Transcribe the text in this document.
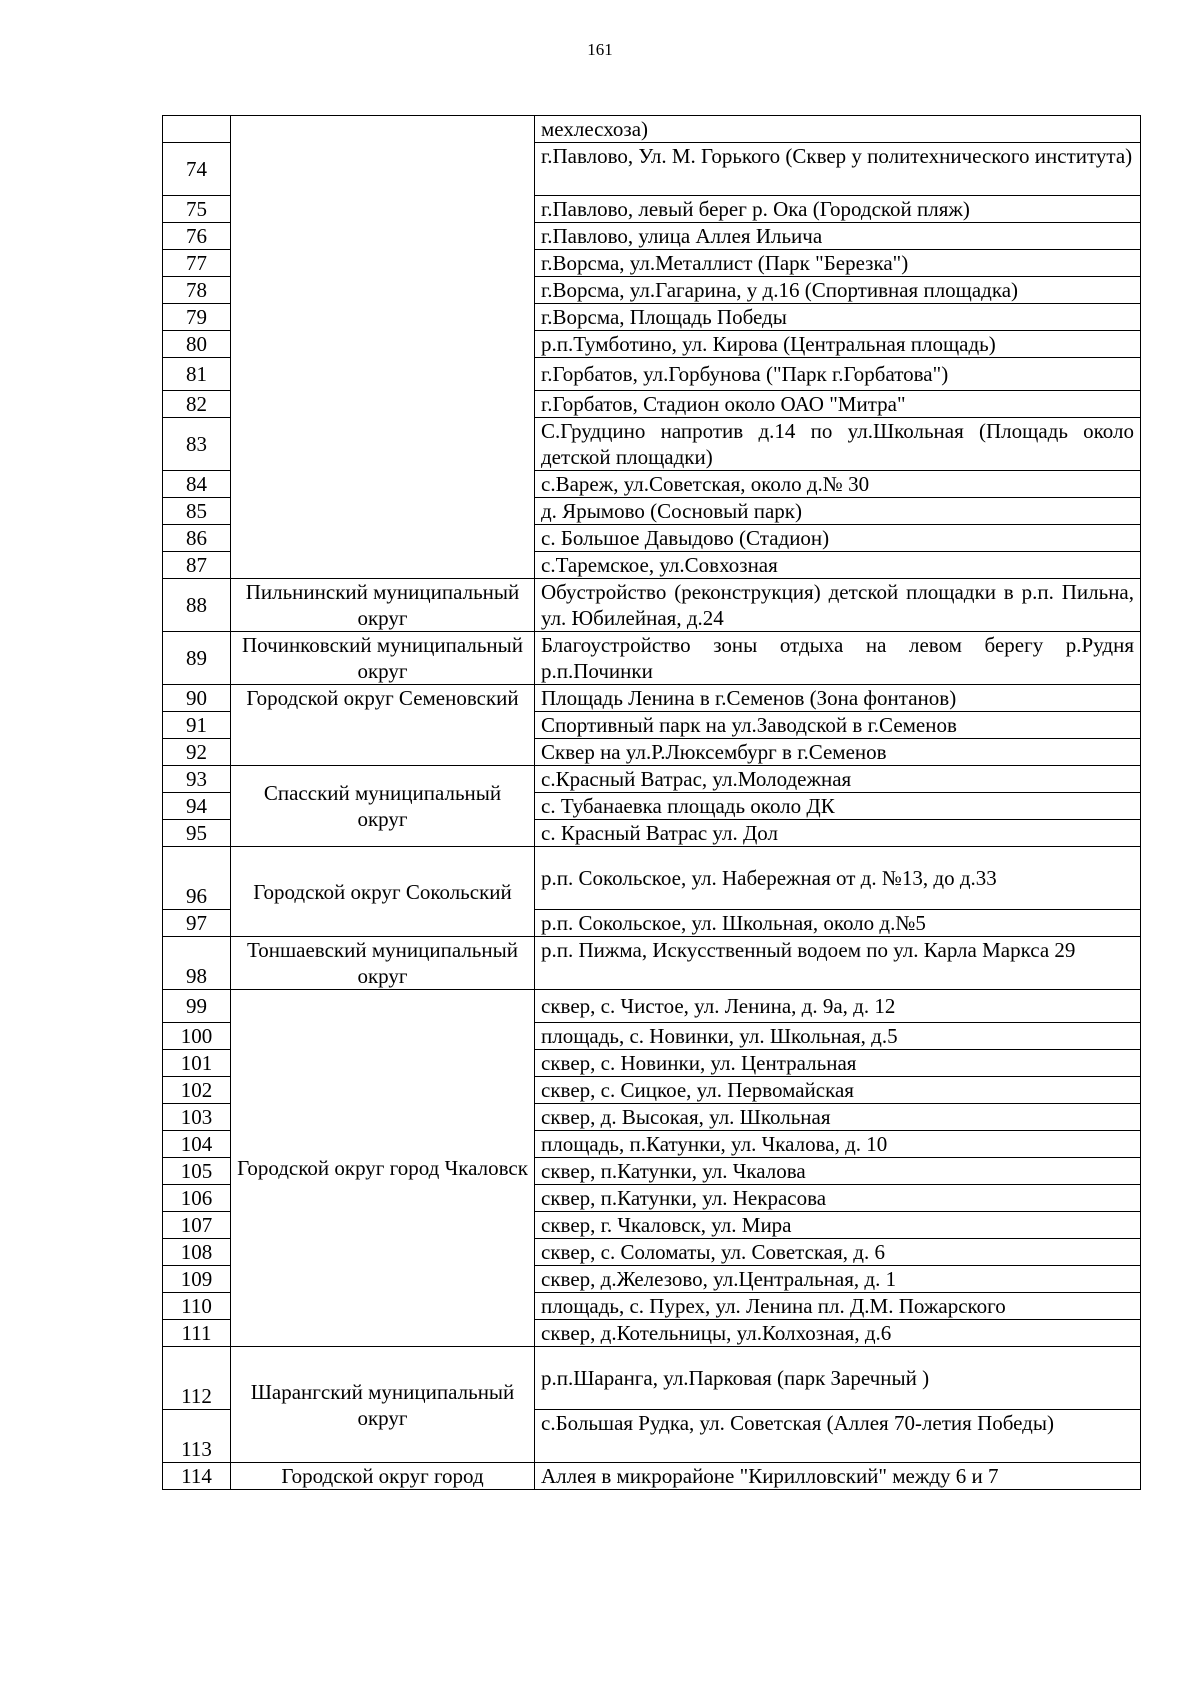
161
		мехлесхоза)
74		г.Павлово, Ул. М. Горького (Сквер у политехнического института)
75		г.Павлово, левый берег р. Ока (Городской пляж)
76		г.Павлово, улица Аллея Ильича
77		г.Ворсма, ул.Металлист (Парк "Березка")
78		г.Ворсма, ул.Гагарина, у д.16 (Спортивная площадка)
79		г.Ворсма, Площадь Победы
80		р.п.Тумботино, ул. Кирова (Центральная площадь)
81		г.Горбатов, ул.Горбунова ("Парк г.Горбатова")
82		г.Горбатов, Стадион около ОАО "Митра"
83		С.Грудцино напротив д.14 по ул.Школьная (Площадь около детской площадки)
84		с.Вареж, ул.Советская, около д.№ 30
85		д. Ярымово (Сосновый парк)
86		с. Большое Давыдово (Стадион)
87		с.Таремское, ул.Совхозная
88	Пильнинский муниципальный округ	Обустройство (реконструкция) детской площадки в р.п. Пильна, ул. Юбилейная, д.24
89	Починковский муниципальный округ	Благоустройство зоны отдыха на левом берегу р.Рудня р.п.Починки
90	Городской округ Семеновский	Площадь Ленина в г.Семенов (Зона фонтанов)
91		Спортивный парк на ул.Заводской в г.Семенов
92		Сквер на ул.Р.Люксембург в г.Семенов
93	Спасский муниципальный округ	с.Красный Ватрас, ул.Молодежная
94		с. Тубанаевка площадь около ДК
95		с. Красный Ватрас ул. Дол
96	Городской округ Сокольский	р.п. Сокольское, ул. Набережная от д. №13, до д.33
97		р.п. Сокольское, ул. Школьная, около д.№5
98	Тоншаевский муниципальный округ	р.п. Пижма, Искусственный водоем по ул. Карла Маркса 29
99	Городской округ город Чкаловск	сквер, с. Чистое, ул. Ленина, д. 9а, д. 12
100		площадь, с. Новинки, ул. Школьная, д.5
101		сквер, с. Новинки, ул. Центральная
102		сквер, с. Сицкое, ул. Первомайская
103		сквер, д. Высокая, ул. Школьная
104		площадь, п.Катунки, ул. Чкалова, д. 10
105		сквер, п.Катунки, ул. Чкалова
106		сквер, п.Катунки, ул. Некрасова
107		сквер, г. Чкаловск, ул. Мира
108		сквер, с. Соломаты, ул. Советская, д. 6
109		сквер, д.Железово, ул.Центральная, д. 1
110		площадь, с. Пурех, ул. Ленина пл. Д.М. Пожарского
111		сквер, д.Котельницы, ул.Колхозная, д.6
112	Шарангский муниципальный округ	р.п.Шаранга, ул.Парковая (парк Заречный )
113		с.Большая Рудка, ул. Советская (Аллея 70-летия Победы)
114	Городской округ город	Аллея в микрорайоне "Кирилловский" между 6 и 7
